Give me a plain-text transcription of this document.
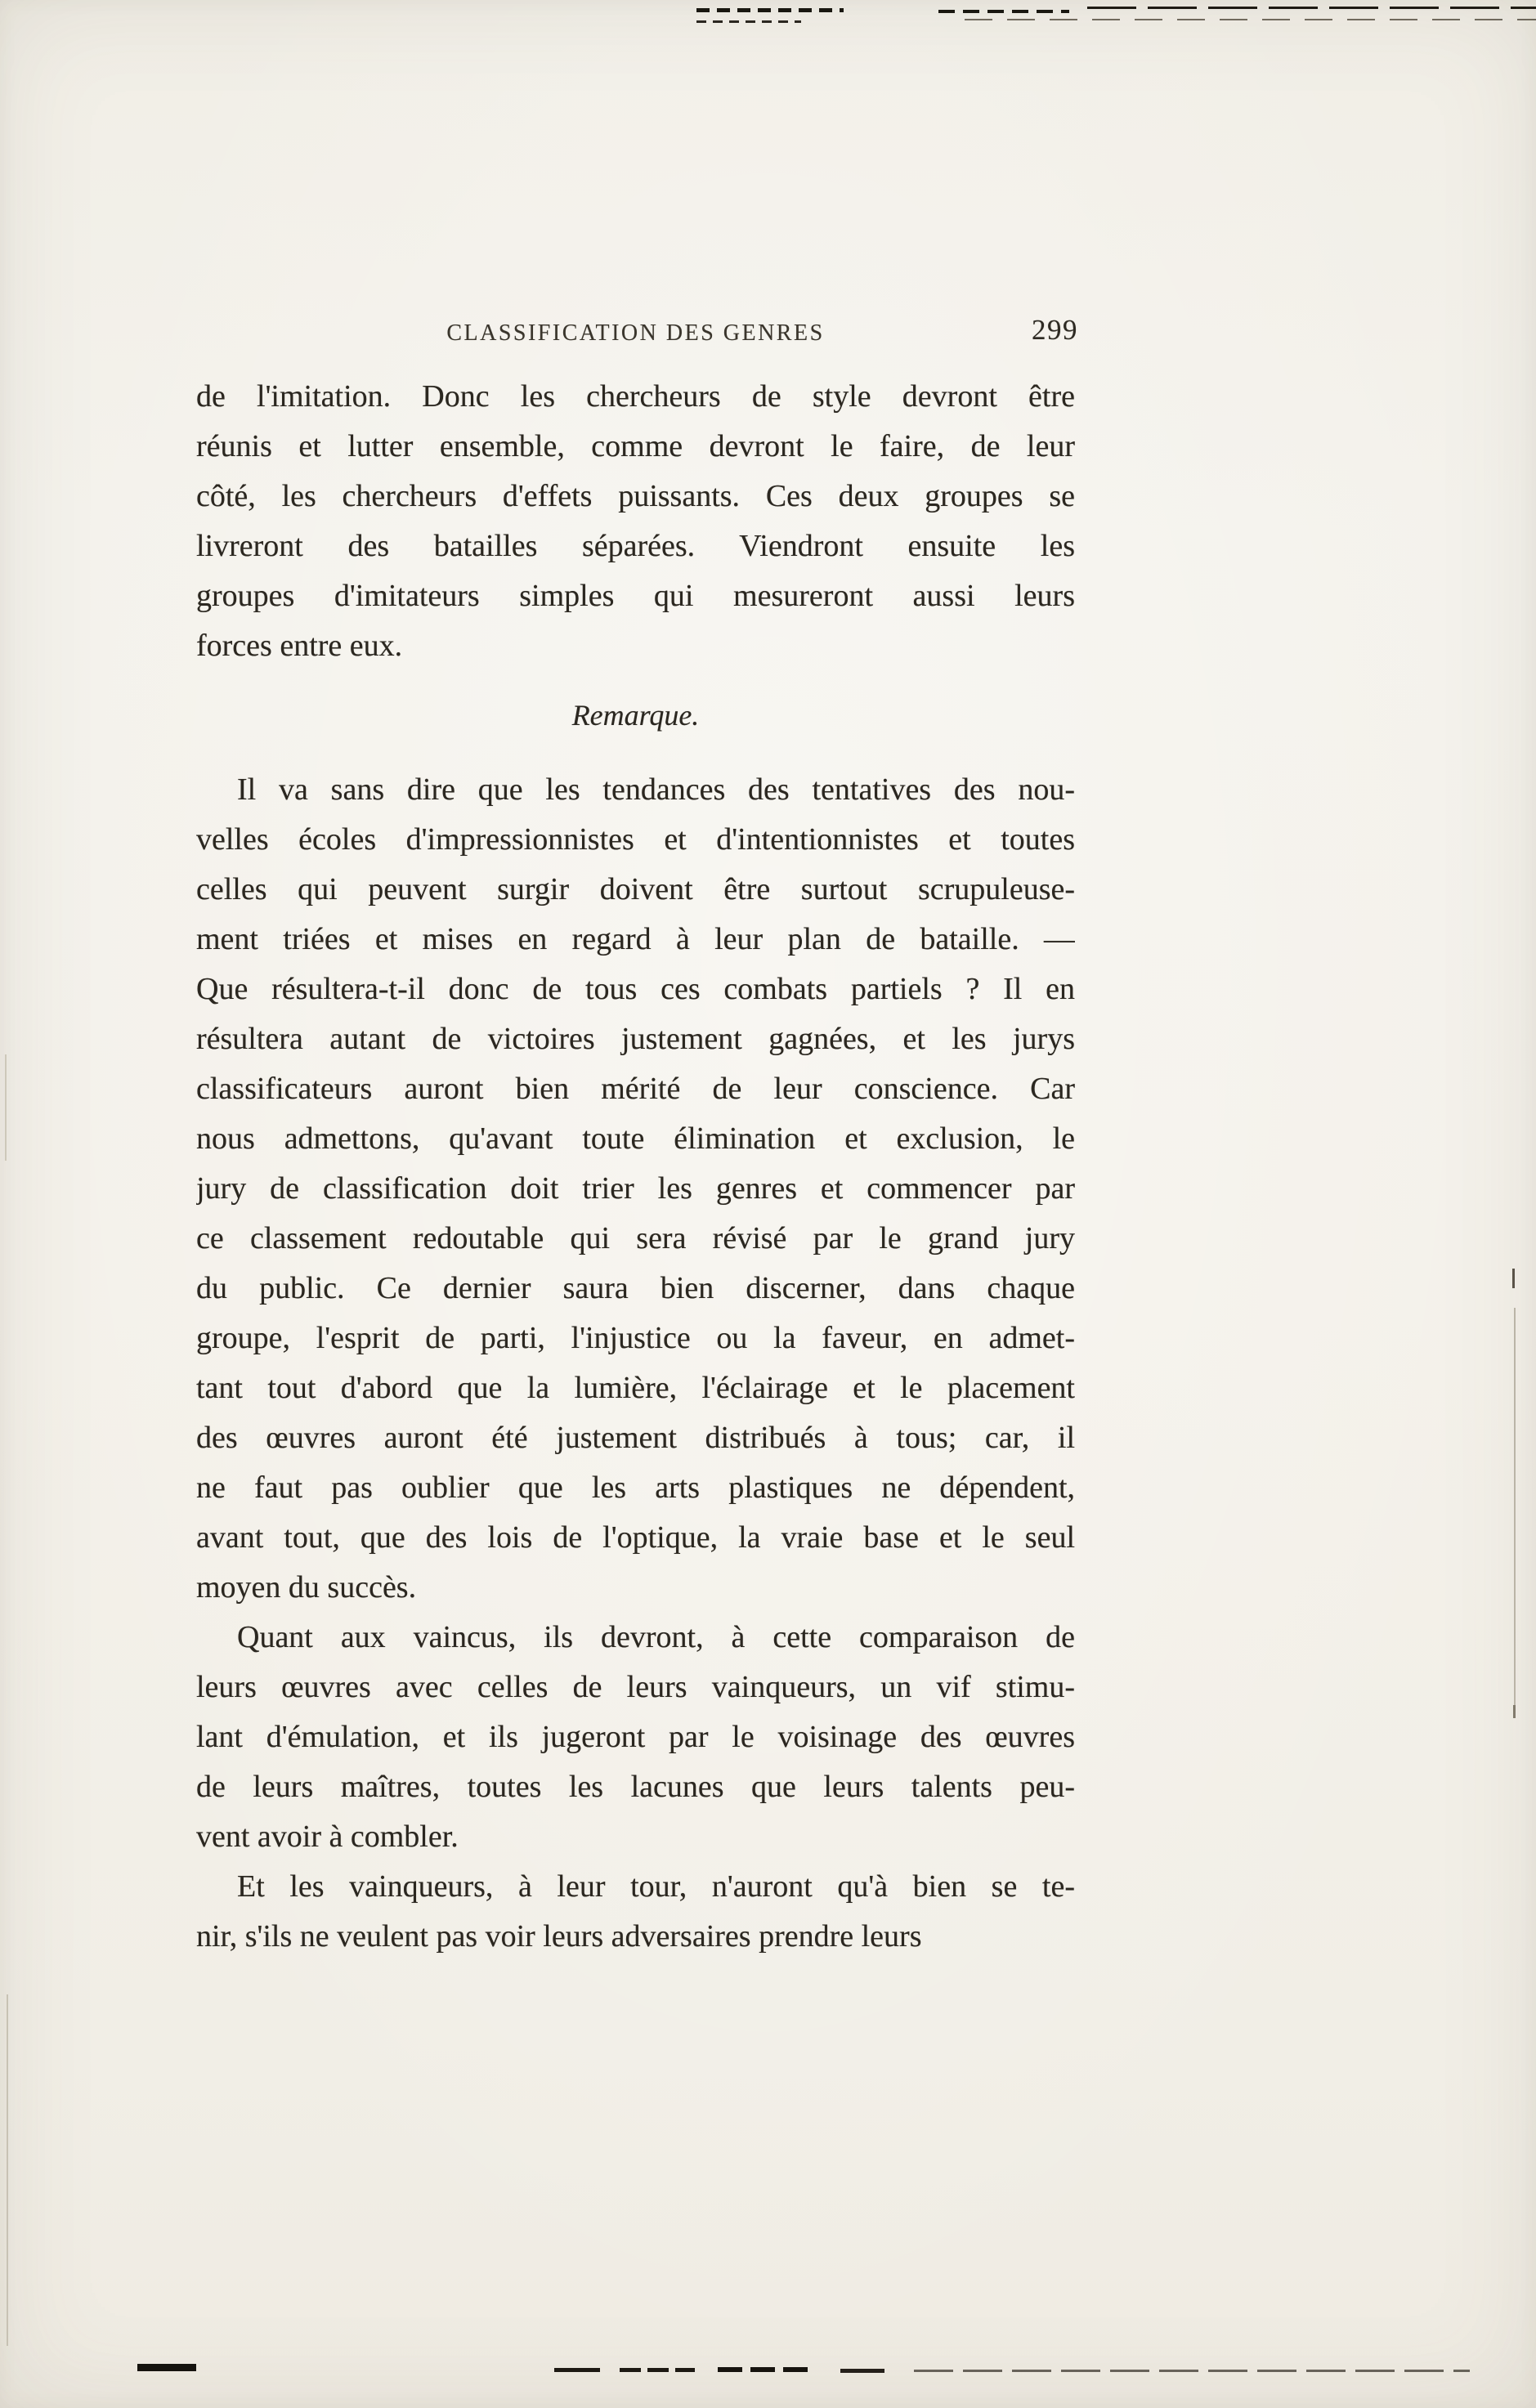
CLASSIFICATION DES GENRES	299
de l'imitation. Donc les chercheurs de style devront être
réunis et lutter ensemble, comme devront le faire, de leur
côté, les chercheurs d'effets puissants. Ces deux groupes se
livreront des batailles séparées. Viendront ensuite les
groupes d'imitateurs simples qui mesureront aussi leurs
forces entre eux.
Remarque.
Il va sans dire que les tendances des tentatives des nou-
velles écoles d'impressionnistes et d'intentionnistes et toutes
celles qui peuvent surgir doivent être surtout scrupuleuse-
ment triées et mises en regard à leur plan de bataille. —
Que résultera-t-il donc de tous ces combats partiels ? Il en
résultera autant de victoires justement gagnées, et les jurys
classificateurs auront bien mérité de leur conscience. Car
nous admettons, qu'avant toute élimination et exclusion, le
jury de classification doit trier les genres et commencer par
ce classement redoutable qui sera révisé par le grand jury
du public. Ce dernier saura bien discerner, dans chaque
groupe, l'esprit de parti, l'injustice ou la faveur, en admet-
tant tout d'abord que la lumière, l'éclairage et le placement
des œuvres auront été justement distribués à tous; car, il
ne faut pas oublier que les arts plastiques ne dépendent,
avant tout, que des lois de l'optique, la vraie base et le seul
moyen du succès.
Quant aux vaincus, ils devront, à cette comparaison de
leurs œuvres avec celles de leurs vainqueurs, un vif stimu-
lant d'émulation, et ils jugeront par le voisinage des œuvres
de leurs maîtres, toutes les lacunes que leurs talents peu-
vent avoir à combler.
Et les vainqueurs, à leur tour, n'auront qu'à bien se te-
nir, s'ils ne veulent pas voir leurs adversaires prendre leurs
